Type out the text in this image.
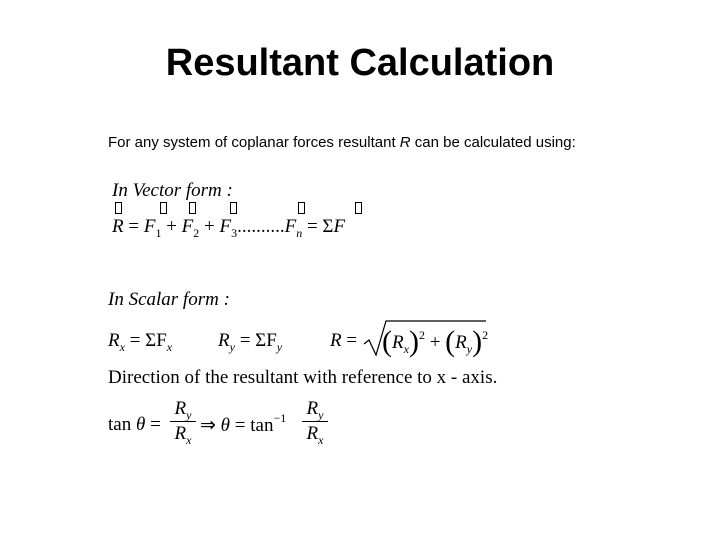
Resultant Calculation
For any system of coplanar forces resultant R can be calculated using:
In Vector form :
$R = F_1 + F_2 + F_3..........F_n = \Sigma F$
In Scalar form :
$R_x = \Sigma F_x$ $R_y = \Sigma F_y$	$R = (R_x)^2 + (R_y)^2$
Direction of the resultant with reference to x - axis.
tan θ =
$R_y$
$R_x$
⇒ $\theta = \tan^{-1} R_y$
$R_x$
